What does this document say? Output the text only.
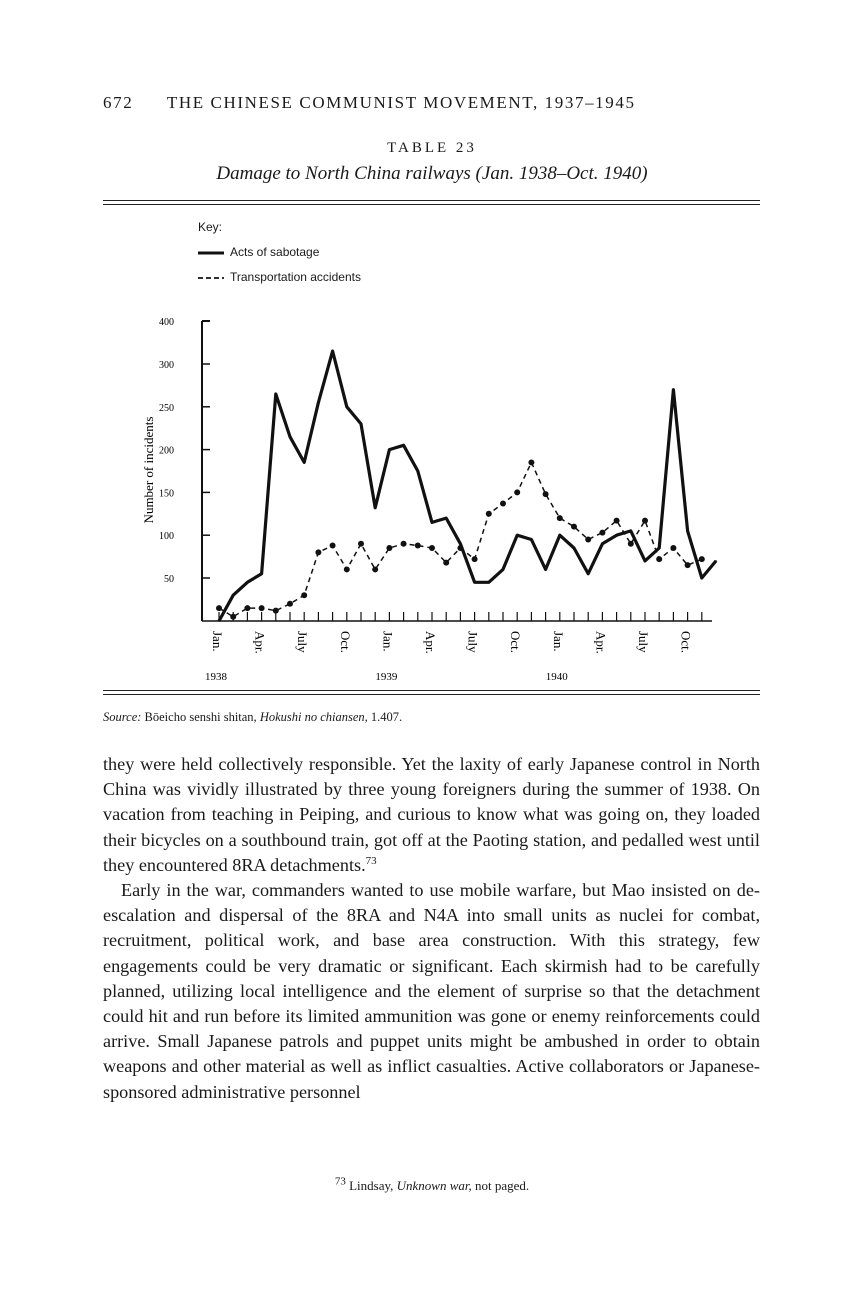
672 THE CHINESE COMMUNIST MOVEMENT, 1937–1945
TABLE 23
Damage to North China railways (Jan. 1938–Oct. 1940)
Key:
Acts of sabotage
Transportation accidents
50
100
150
200
250
300
400
Jan. Apr. July Oct. Jan. Apr. July Oct. Jan. Apr. July Oct.
1938	1939	1940
Number of incidents
Source: Bōeicho senshi shitan, Hokushi no chiansen, 1.407.

they were held collectively responsible. Yet the laxity of early Japanese control in North China was vividly illustrated by three young foreigners during the summer of 1938. On vacation from teaching in Peiping, and curious to know what was going on, they loaded their bicycles on a southbound train, got off at the Paoting station, and pedalled west until they encountered 8RA detachments.$^{73}$

Early in the war, commanders wanted to use mobile warfare, but Mao insisted on de-escalation and dispersal of the 8RA and N4A into small units as nuclei for combat, recruitment, political work, and base area construction. With this strategy, few engagements could be very dramatic or significant. Each skirmish had to be carefully planned, utilizing local intelligence and the element of surprise so that the detachment could hit and run before its limited ammunition was gone or enemy reinforcements could arrive. Small Japanese patrols and puppet units might be ambushed in order to obtain weapons and other material as well as inflict casualties. Active collaborators or Japanese-sponsored administrative personnel

$^{73}$ Lindsay, Unknown war, not paged.
